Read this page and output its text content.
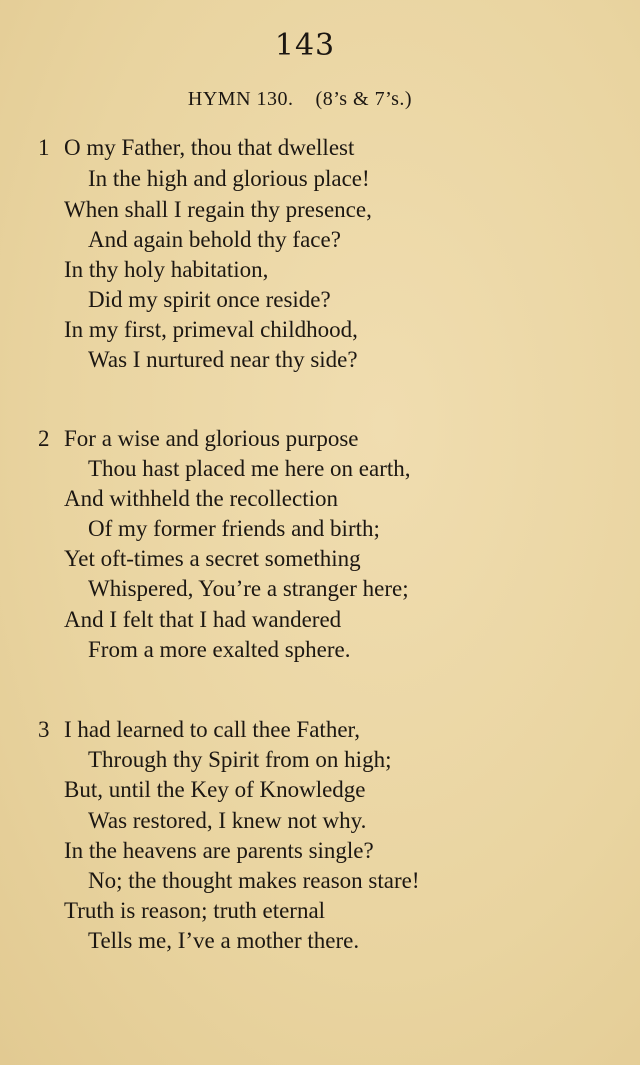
143
HYMN 130. (8’s & 7’s.)
1 O my Father, thou that dwellest
In the high and glorious place!
When shall I regain thy presence,
And again behold thy face?
In thy holy habitation,
Did my spirit once reside?
In my first, primeval childhood,
Was I nurtured near thy side?
2 For a wise and glorious purpose
Thou hast placed me here on earth,
And withheld the recollection
Of my former friends and birth;
Yet oft-times a secret something
Whispered, You’re a stranger here;
And I felt that I had wandered
From a more exalted sphere.
3 I had learned to call thee Father,
Through thy Spirit from on high;
But, until the Key of Knowledge
Was restored, I knew not why.
In the heavens are parents single?
No; the thought makes reason stare!
Truth is reason; truth eternal
Tells me, I’ve a mother there.
